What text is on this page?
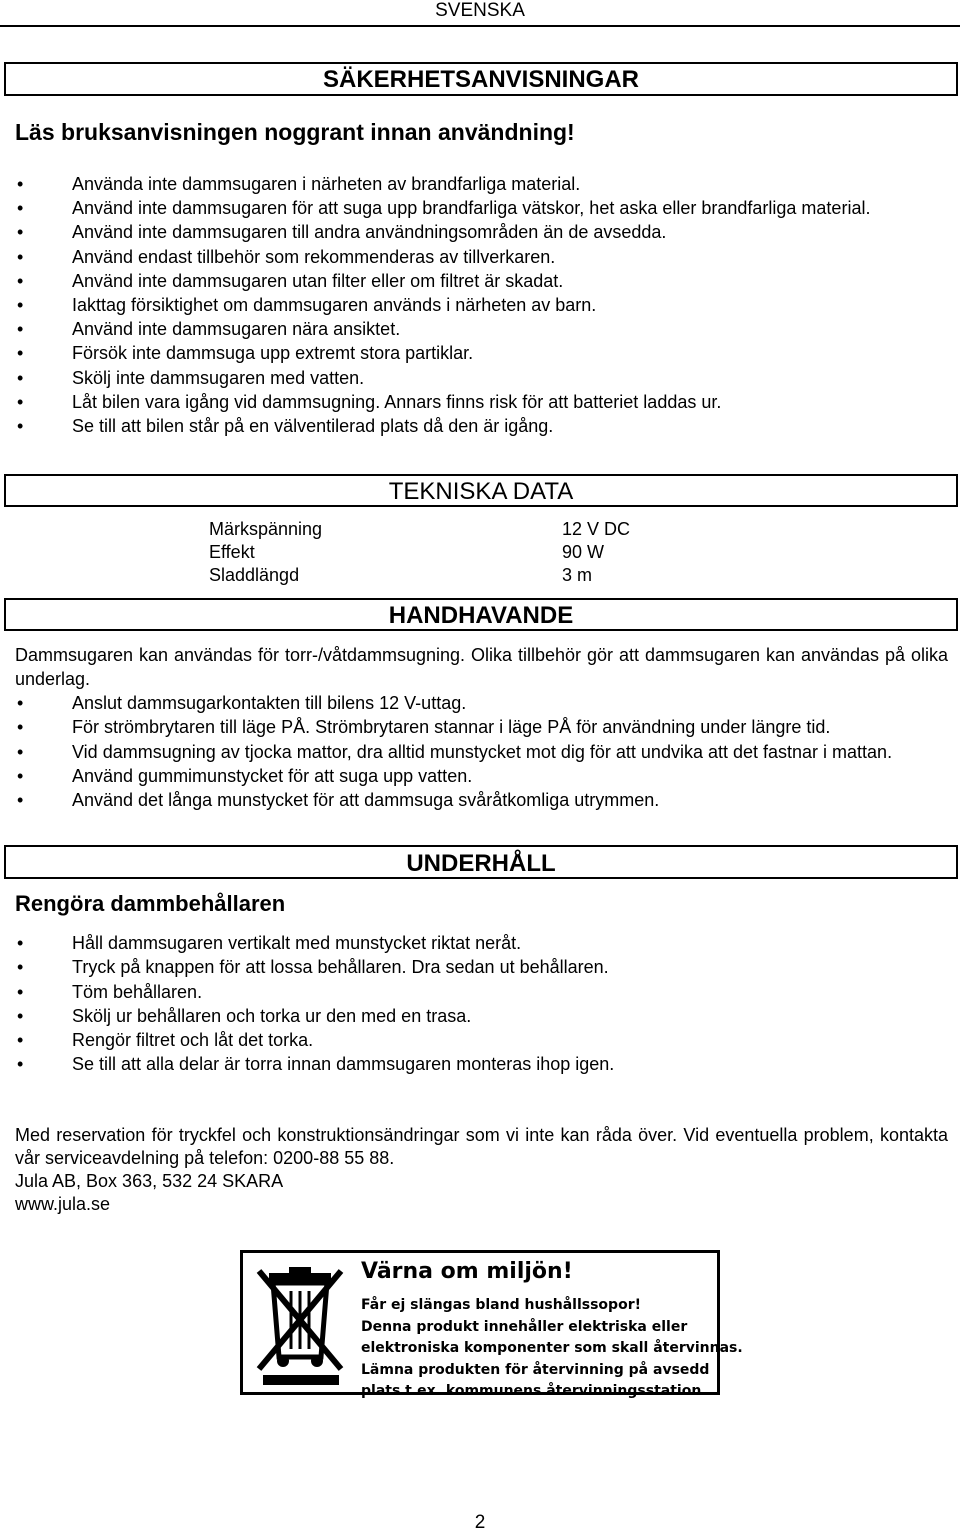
SVENSKA
SÄKERHETSANVISNINGAR
Läs bruksanvisningen noggrant innan användning!
• Använda inte dammsugaren i närheten av brandfarliga material.
• Använd inte dammsugaren för att suga upp brandfarliga vätskor, het aska eller brandfarliga material.
• Använd inte dammsugaren till andra användningsområden än de avsedda.
• Använd endast tillbehör som rekommenderas av tillverkaren.
• Använd inte dammsugaren utan filter eller om filtret är skadat.
• Iakttag försiktighet om dammsugaren används i närheten av barn.
• Använd inte dammsugaren nära ansiktet.
• Försök inte dammsuga upp extremt stora partiklar.
• Skölj inte dammsugaren med vatten.
• Låt bilen vara igång vid dammsugning. Annars finns risk för att batteriet laddas ur.
• Se till att bilen står på en välventilerad plats då den är igång.
TEKNISKA DATA
Märkspänning
Effekt
Sladdlängd
12 V DC
90 W
3 m
HANDHAVANDE
Dammsugaren kan användas för torr-/våtdammsugning. Olika tillbehör gör att dammsugaren kan användas på olika underlag.
• Anslut dammsugarkontakten till bilens 12 V-uttag.
• För strömbrytaren till läge PÅ. Strömbrytaren stannar i läge PÅ för användning under längre tid.
• Vid dammsugning av tjocka mattor, dra alltid munstycket mot dig för att undvika att det fastnar i mattan.
• Använd gummimunstycket för att suga upp vatten.
• Använd det långa munstycket för att dammsuga svåråtkomliga utrymmen.
UNDERHÅLL
Rengöra dammbehållaren
• Håll dammsugaren vertikalt med munstycket riktat neråt.
• Tryck på knappen för att lossa behållaren. Dra sedan ut behållaren.
• Töm behållaren.
• Skölj ur behållaren och torka ur den med en trasa.
• Rengör filtret och låt det torka.
• Se till att alla delar är torra innan dammsugaren monteras ihop igen.
Med reservation för tryckfel och konstruktionsändringar som vi inte kan råda över. Vid eventuella problem, kontakta vår serviceavdelning på telefon: 0200-88 55 88.
Jula AB, Box 363, 532 24 SKARA
www.jula.se
Värna om miljön!
Får ej slängas bland hushållssopor!
Denna produkt innehåller elektriska eller
elektroniska komponenter som skall återvinnas.
Lämna produkten för återvinning på avsedd
plats t.ex. kommunens återvinningsstation.
2
